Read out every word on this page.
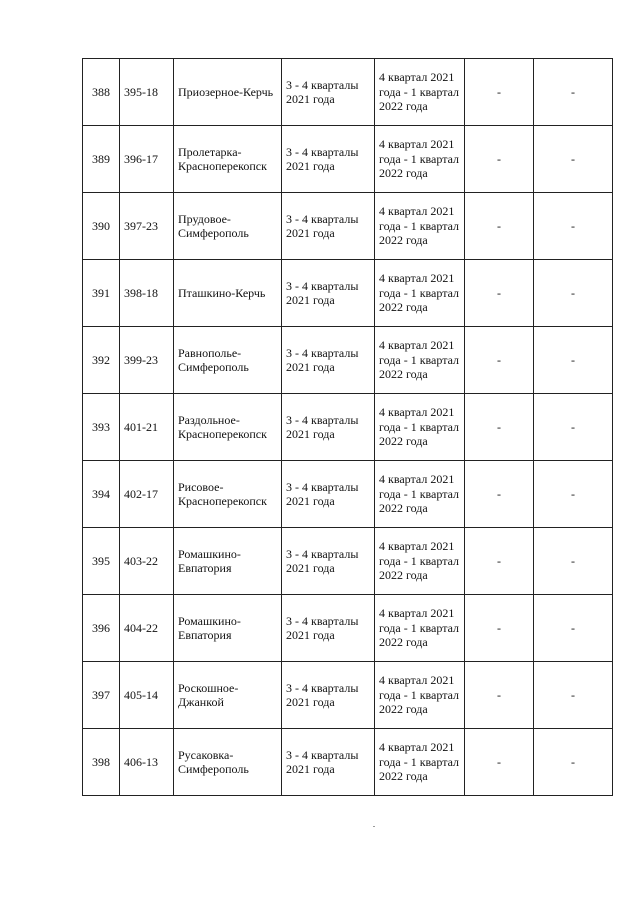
388	395-18	Приозерное-Керчь	3 - 4 кварталы 2021 года	4 квартал 2021 года - 1 квартал 2022 года	-	-
389	396-17	Пролетарка-Красноперекопск	3 - 4 кварталы 2021 года	4 квартал 2021 года - 1 квартал 2022 года	-	-
390	397-23	Прудовое-Симферополь	3 - 4 кварталы 2021 года	4 квартал 2021 года - 1 квартал 2022 года	-	-
391	398-18	Пташкино-Керчь	3 - 4 кварталы 2021 года	4 квартал 2021 года - 1 квартал 2022 года	-	-
392	399-23	Равнополье-Симферополь	3 - 4 кварталы 2021 года	4 квартал 2021 года - 1 квартал 2022 года	-	-
393	401-21	Раздольное-Красноперекопск	3 - 4 кварталы 2021 года	4 квартал 2021 года - 1 квартал 2022 года	-	-
394	402-17	Рисовое-Красноперекопск	3 - 4 кварталы 2021 года	4 квартал 2021 года - 1 квартал 2022 года	-	-
395	403-22	Ромашкино-Евпатория	3 - 4 кварталы 2021 года	4 квартал 2021 года - 1 квартал 2022 года	-	-
396	404-22	Ромашкино-Евпатория	3 - 4 кварталы 2021 года	4 квартал 2021 года - 1 квартал 2022 года	-	-
397	405-14	Роскошное-Джанкой	3 - 4 кварталы 2021 года	4 квартал 2021 года - 1 квартал 2022 года	-	-
398	406-13	Русаковка-Симферополь	3 - 4 кварталы 2021 года	4 квартал 2021 года - 1 квартал 2022 года	-	-
